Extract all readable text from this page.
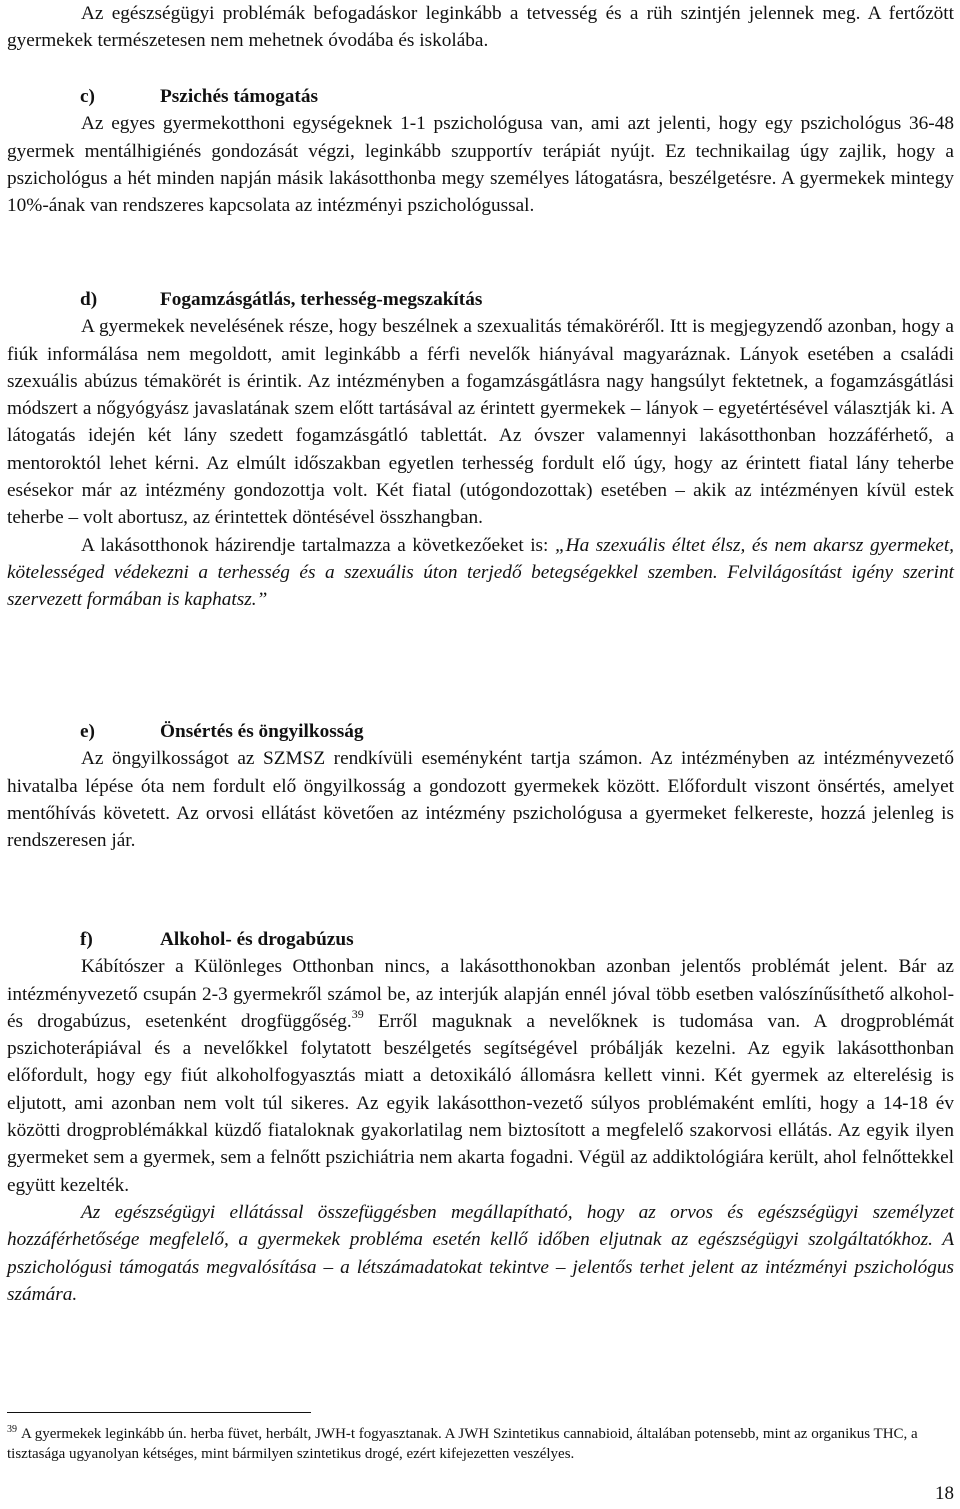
Az egészségügyi problémák befogadáskor leginkább a tetvesség és a rüh szintjén jelennek meg. A fertőzött gyermekek természetesen nem mehetnek óvodába és iskolába.

c)	Pszichés támogatás

Az egyes gyermekotthoni egységeknek 1-1 pszichológusa van, ami azt jelenti, hogy egy pszichológus 36-48 gyermek mentálhigiénés gondozását végzi, leginkább szupportív terápiát nyújt. Ez technikailag úgy zajlik, hogy a pszichológus a hét minden napján másik lakásotthonba megy személyes látogatásra, beszélgetésre. A gyermekek mintegy 10%-ának van rendszeres kapcsolata az intézményi pszichológussal.

d)	Fogamzásgátlás, terhesség-megszakítás

A gyermekek nevelésének része, hogy beszélnek a szexualitás témaköréről. Itt is megjegyzendő azonban, hogy a fiúk informálása nem megoldott, amit leginkább a férfi nevelők hiányával magyaráznak. Lányok esetében a családi szexuális abúzus témakörét is érintik. Az intézményben a fogamzásgátlásra nagy hangsúlyt fektetnek, a fogamzásgátlási módszert a nőgyógyász javaslatának szem előtt tartásával az érintett gyermekek – lányok – egyetértésével választják ki. A látogatás idején két lány szedett fogamzásgátló tablettát. Az óvszer valamennyi lakásotthonban hozzáférhető, a mentoroktól lehet kérni. Az elmúlt időszakban egyetlen terhesség fordult elő úgy, hogy az érintett fiatal lány teherbe esésekor már az intézmény gondozottja volt. Két fiatal (utógondozottak) esetében – akik az intézményen kívül estek teherbe – volt abortusz, az érintettek döntésével összhangban.

A lakásotthonok házirendje tartalmazza a következőeket is: „Ha szexuális éltet élsz, és nem akarsz gyermeket, kötelességed védekezni a terhesség és a szexuális úton terjedő betegségekkel szemben. Felvilágosítást igény szerint szervezett formában is kaphatsz.”

e)	Önsértés és öngyilkosság

Az öngyilkosságot az SZMSZ rendkívüli eseményként tartja számon. Az intézményben az intézményvezető hivatalba lépése óta nem fordult elő öngyilkosság a gondozott gyermekek között. Előfordult viszont önsértés, amelyet mentőhívás követett. Az orvosi ellátást követően az intézmény pszichológusa a gyermeket felkereste, hozzá jelenleg is rendszeresen jár.

f)	Alkohol- és drogabúzus

Kábítószer a Különleges Otthonban nincs, a lakásotthonokban azonban jelentős problémát jelent. Bár az intézményvezető csupán 2-3 gyermekről számol be, az interjúk alapján ennél jóval több esetben valószínűsíthető alkohol- és drogabúzus, esetenként drogfüggőség.$^{39}$ Erről maguknak a nevelőknek is tudomása van. A drogproblémát pszichoterápiával és a nevelőkkel folytatott beszélgetés segítségével próbálják kezelni. Az egyik lakásotthonban előfordult, hogy egy fiút alkoholfogyasztás miatt a detoxikáló állomásra kellett vinni. Két gyermek az elterelésig is eljutott, ami azonban nem volt túl sikeres. Az egyik lakásotthon-vezető súlyos problémaként említi, hogy a 14-18 év közötti drogproblémákkal küzdő fiataloknak gyakorlatilag nem biztosított a megfelelő szakorvosi ellátás. Az egyik ilyen gyermeket sem a gyermek, sem a felnőtt pszichiátria nem akarta fogadni. Végül az addiktológiára került, ahol felnőttekkel együtt kezelték.

Az egészségügyi ellátással összefüggésben megállapítható, hogy az orvos és egészségügyi személyzet hozzáférhetősége megfelelő, a gyermekek probléma esetén kellő időben eljutnak az egészségügyi szolgáltatókhoz. A pszichológusi támogatás megvalósítása – a létszámadatokat tekintve – jelentős terhet jelent az intézményi pszichológus számára.

$^{39}$ A gyermekek leginkább ún. herba füvet, herbált, JWH-t fogyasztanak. A JWH Szintetikus cannabioid, általában potensebb, mint az organikus THC, a tisztasága ugyanolyan kétséges, mint bármilyen szintetikus drogé, ezért kifejezetten veszélyes.
18
